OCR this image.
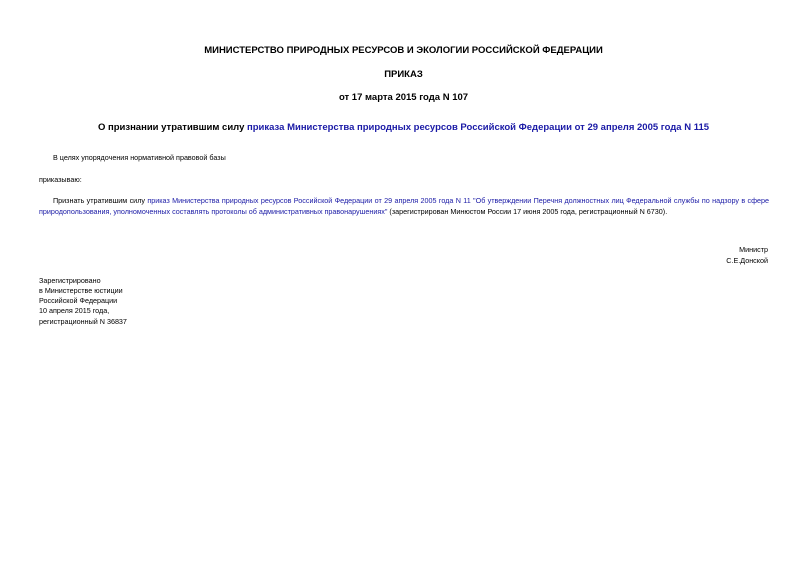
МИНИСТЕРСТВО ПРИРОДНЫХ РЕСУРСОВ И ЭКОЛОГИИ РОССИЙСКОЙ ФЕДЕРАЦИИ
ПРИКАЗ
от 17 марта 2015 года N 107
О признании утратившим силу приказа Министерства природных ресурсов Российской Федерации от 29 апреля 2005 года N 115
В целях упорядочения нормативной правовой базы
приказываю:
Признать утратившим силу приказ Министерства природных ресурсов Российской Федерации от 29 апреля 2005 года N 11 "Об утверждении Перечня должностных лиц Федеральной службы по надзору в сфере природопользования, уполномоченных составлять протоколы об административных правонарушениях" (зарегистрирован Минюстом России 17 июня 2005 года, регистрационный N 6730).
Министр
С.Е.Донской
Зарегистрировано
в Министерстве юстиции
Российской Федерации
10 апреля 2015 года,
регистрационный N 36837
